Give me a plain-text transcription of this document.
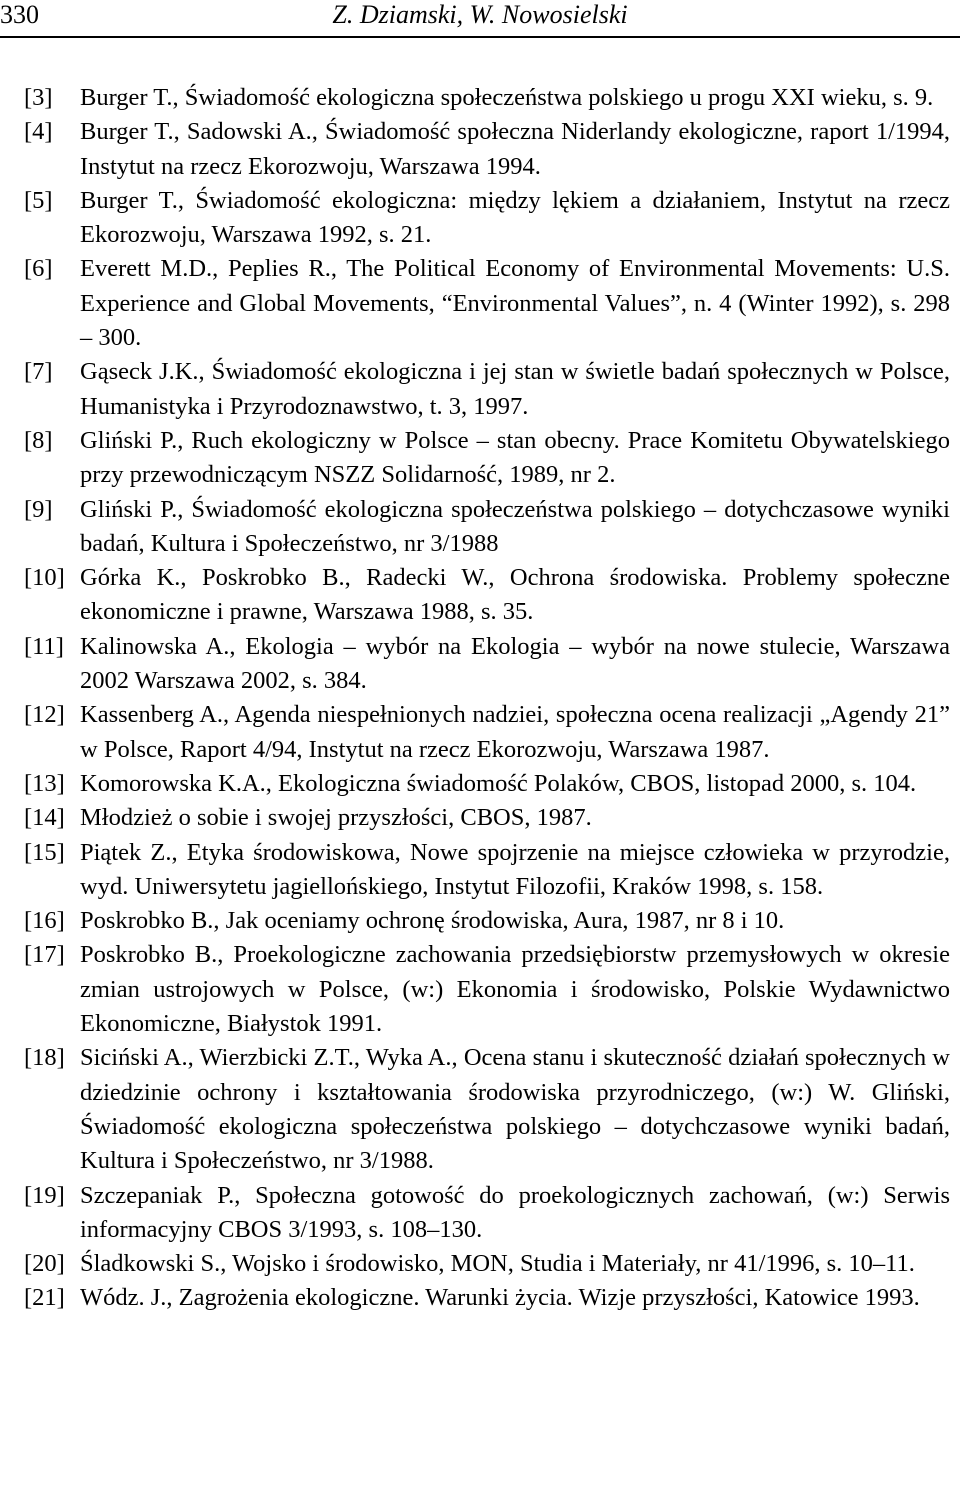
330	Z. Dziamski, W. Nowosielski
[3] Burger T., Świadomość ekologiczna społeczeństwa polskiego u progu XXI wieku, s. 9.
[4] Burger T., Sadowski A., Świadomość społeczna Niderlandy ekologiczne, raport 1/1994, Instytut na rzecz Ekorozwoju, Warszawa 1994.
[5] Burger T., Świadomość ekologiczna: między lękiem a działaniem, Instytut na rzecz Ekorozwoju, Warszawa 1992, s. 21.
[6] Everett M.D., Peplies R., The Political Economy of Environmental Movements: U.S. Experience and Global Movements, “Environmental Values”, n. 4 (Winter 1992), s. 298 – 300.
[7] Gąseck J.K., Świadomość ekologiczna i jej stan w świetle badań społecznych w Polsce, Humanistyka i Przyrodoznawstwo, t. 3, 1997.
[8] Gliński P., Ruch ekologiczny w Polsce – stan obecny. Prace Komitetu Obywatelskiego przy przewodniczącym NSZZ Solidarność, 1989, nr 2.
[9] Gliński P., Świadomość ekologiczna społeczeństwa polskiego – dotychczasowe wyniki badań, Kultura i Społeczeństwo, nr 3/1988
[10] Górka K., Poskrobko B., Radecki W., Ochrona środowiska. Problemy społeczne ekonomiczne i prawne, Warszawa 1988, s. 35.
[11] Kalinowska A., Ekologia – wybór na Ekologia – wybór na nowe stulecie, Warszawa 2002 Warszawa 2002, s. 384.
[12] Kassenberg A., Agenda niespełnionych nadziei, społeczna ocena realizacji „Agendy 21” w Polsce, Raport 4/94, Instytut na rzecz Ekorozwoju, Warszawa 1987.
[13] Komorowska K.A., Ekologiczna świadomość Polaków, CBOS, listopad 2000, s. 104.
[14] Młodzież o sobie i swojej przyszłości, CBOS, 1987.
[15] Piątek Z., Etyka środowiskowa, Nowe spojrzenie na miejsce człowieka w przyrodzie, wyd. Uniwersytetu jagiellońskiego, Instytut Filozofii, Kraków 1998, s. 158.
[16] Poskrobko B., Jak oceniamy ochronę środowiska, Aura, 1987, nr 8 i 10.
[17] Poskrobko B., Proekologiczne zachowania przedsiębiorstw przemysłowych w okresie zmian ustrojowych w Polsce, (w:) Ekonomia i środowisko, Polskie Wydawnictwo Ekonomiczne, Białystok 1991.
[18] Siciński A., Wierzbicki Z.T., Wyka A., Ocena stanu i skuteczność działań społecznych w dziedzinie ochrony i kształtowania środowiska przyrodniczego, (w:) W. Gliński, Świadomość ekologiczna społeczeństwa polskiego – dotychczasowe wyniki badań, Kultura i Społeczeństwo, nr 3/1988.
[19] Szczepaniak P., Społeczna gotowość do proekologicznych zachowań, (w:) Serwis informacyjny CBOS 3/1993, s. 108–130.
[20] Śladkowski S., Wojsko i środowisko, MON, Studia i Materiały, nr 41/1996, s. 10–11.
[21] Wódz. J., Zagrożenia ekologiczne. Warunki życia. Wizje przyszłości, Katowice 1993.
